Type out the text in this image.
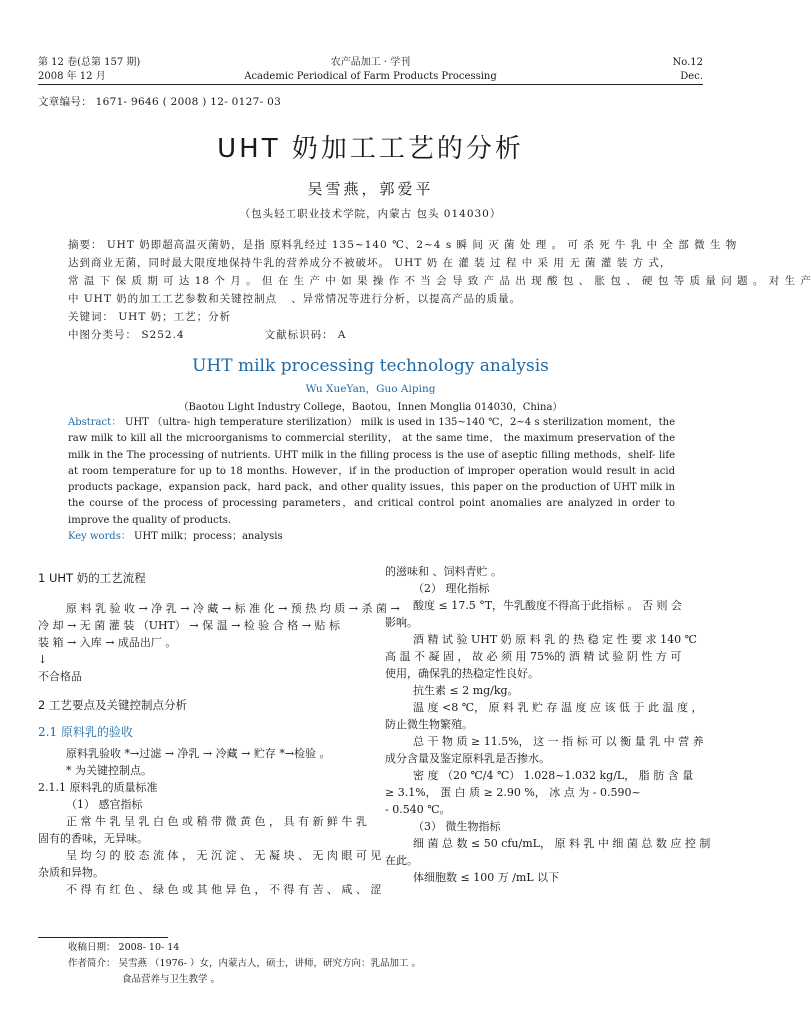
第 12 卷(总第 157 期)
2008 年 12 月
农产品加工 · 学刊
Academic Periodical of Farm Products Processing
No.12
Dec.
文章编号： 1671- 9646 ( 2008 ) 12- 0127- 03
UHT 奶加工工艺的分析
吴雪燕，郭爱平
（包头轻工职业技术学院，内蒙古 包头 014030）
摘要： UHT 奶即超高温灭菌奶，是指 原料乳经过 135~140 ℃、2~4 s 瞬 间 灭 菌 处 理 。 可 杀 死 牛 乳 中 全 部 微 生 物
达到商业无菌，同时最大限度地保持牛乳的营养成分不被破坏。 UHT 奶 在 灌 装 过 程 中 采 用 无 菌 灌 装 方 式，
常 温 下 保 质 期 可 达 18 个 月 。 但 在 生 产 中 如 果 操 作 不 当 会 导 致 产 品 出 现 酸 包 、 胀 包 、 硬 包 等 质 量 问 题 。 对 生 产
中 UHT 奶的加工工艺参数和关键控制点 、异常情况等进行分析，以提高产品的质量。
关键词： UHT 奶；工艺；分析
中图分类号： S252.4	文献标识码： A
UHT milk processing technology analysis
Wu XueYan，Guo Aiping
（Baotou Light Industry College，Baotou，Innen Monglia 014030，China）
Abstract： UHT （ultra- high temperature sterilization） milk is used in 135~140 ℃，2~4 s sterilization moment，the raw milk to kill all the microorganisms to commercial sterility， at the same time， the maximum preservation of the milk in the The processing of nutrients. UHT milk in the filling process is the use of aseptic filling methods，shelf- life at room temperature for up to 18 months. However，if in the production of improper operation would result in acid products package，expansion pack，hard pack，and other quality issues，this paper on the production of UHT milk in the course of the process of processing parameters，and critical control point anomalies are analyzed in order to improve the quality of products.
Key words： UHT milk；process；analysis
1 UHT 奶的工艺流程
原 料 乳 验 收 → 净 乳 → 冷 藏 → 标 准 化 → 预 热 均 质 → 杀 菌 →
冷 却 → 无 菌 灌 装 （UHT） → 保 温 → 检 验 合 格 → 贴 标
装 箱 → 入库 → 成品出厂 。
↓
不合格品
2 工艺要点及关键控制点分析
2.1 原料乳的验收
原料乳验收 *→过滤 → 净乳 → 冷藏 → 贮存 *→检验 。
* 为关键控制点。
2.1.1 原料乳的质量标准
（1） 感官指标
正 常 牛 乳 呈 乳 白 色 或 稍 带 微 黄 色 ， 具 有 新 鲜 牛 乳
固有的香味，无异味。
呈 均 匀 的 胶 态 流 体 ， 无 沉 淀 、 无 凝 块 、 无 肉 眼 可 见
杂质和异物。
不 得 有 红 色 、 绿 色 或 其 他 异 色 ， 不 得 有 苦 、 咸 、 涩
的滋味和 、饲料青贮 。
（2） 理化指标
酸度 ≤ 17.5 °T，牛乳酸度不得高于此指标 。 否 则 会
影响。
酒 精 试 验 UHT 奶 原 料 乳 的 热 稳 定 性 要 求 140 ℃
高 温 不 凝 固 ， 故 必 须 用 75%的 酒 精 试 验 阴 性 方 可
使用，确保乳的热稳定性良好。
抗生素 ≤ 2 mg/kg。
温 度 <8 ℃， 原 料 乳 贮 存 温 度 应 该 低 于 此 温 度 ，
防止微生物繁殖。
总 干 物 质 ≥ 11.5%， 这 一 指 标 可 以 衡 量 乳 中 营 养
成分含量及鉴定原料乳是否掺水。
密 度 （20 ℃/4 ℃） 1.028~1.032 kg/L， 脂 肪 含 量
≥ 3.1%， 蛋 白 质 ≥ 2.90 %， 冰 点 为 - 0.590~
- 0.540 ℃。
（3） 微生物指标
细 菌 总 数 ≤ 50 cfu/mL， 原 料 乳 中 细 菌 总 数 应 控 制
在此。
体细胞数 ≤ 100 万 /mL 以下
收稿日期： 2008- 10- 14
作者简介： 吴雪燕 （1976- ）女，内蒙古人，硕士，讲师，研究方向：乳品加工 。
食品营养与卫生教学 。
